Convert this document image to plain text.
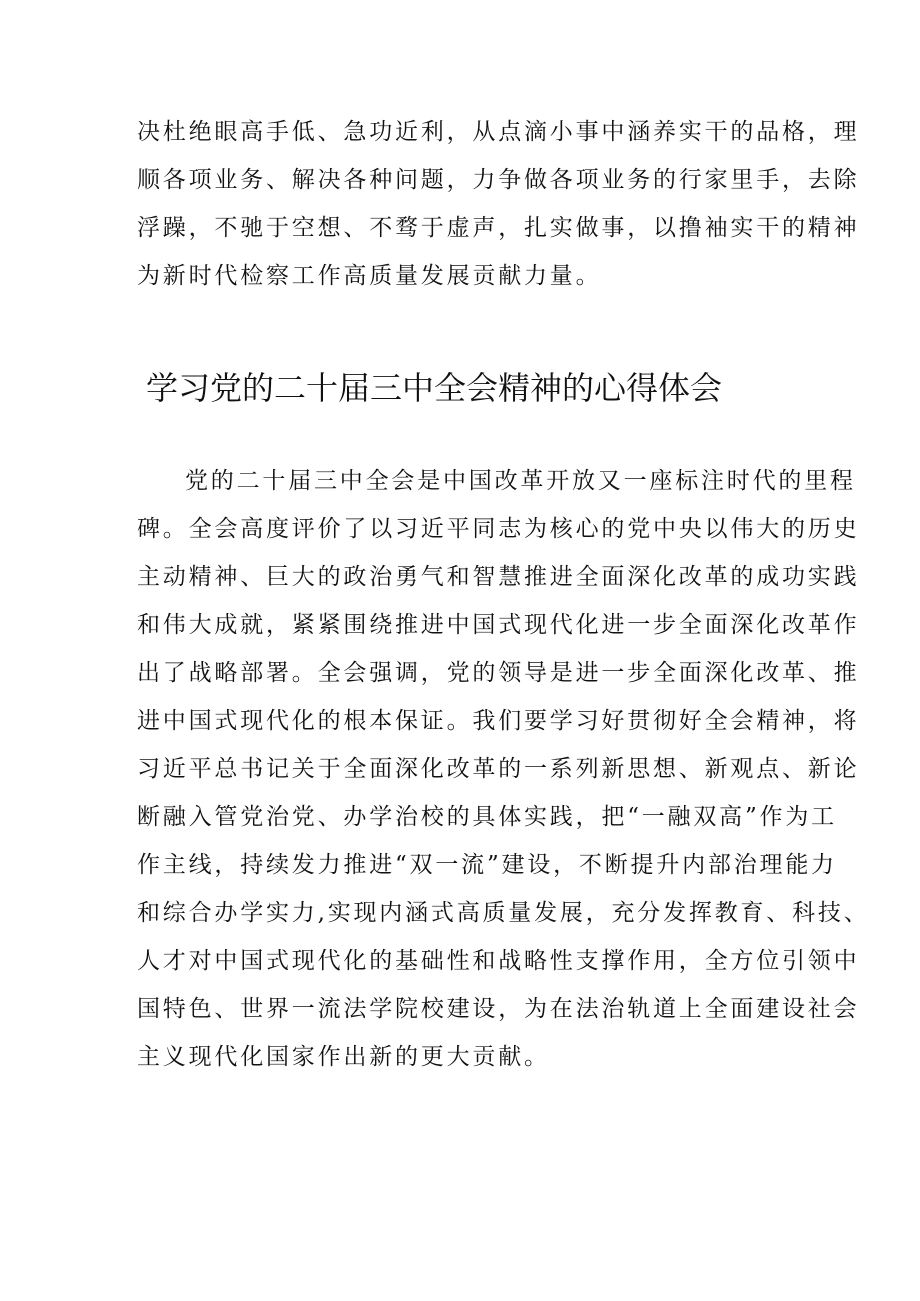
决杜绝眼高手低、急功近利，从点滴小事中涵养实干的品格，理
顺各项业务、解决各种问题，力争做各项业务的行家里手，去除
浮躁，不驰于空想、不骛于虚声，扎实做事，以撸袖实干的精神
为新时代检察工作高质量发展贡献力量。

学习党的二十届三中全会精神的心得体会

党的二十届三中全会是中国改革开放又一座标注时代的里程
碑。全会高度评价了以习近平同志为核心的党中央以伟大的历史
主动精神、巨大的政治勇气和智慧推进全面深化改革的成功实践
和伟大成就，紧紧围绕推进中国式现代化进一步全面深化改革作
出了战略部署。全会强调，党的领导是进一步全面深化改革、推
进中国式现代化的根本保证。我们要学习好贯彻好全会精神，将
习近平总书记关于全面深化改革的一系列新思想、新观点、新论
断融入管党治党、办学治校的具体实践，把“一融双高”作为工
作主线，持续发力推进“双一流”建设，不断提升内部治理能力
和综合办学实力,实现内涵式高质量发展，充分发挥教育、科技、
人才对中国式现代化的基础性和战略性支撑作用，全方位引领中
国特色、世界一流法学院校建设，为在法治轨道上全面建设社会
主义现代化国家作出新的更大贡献。
